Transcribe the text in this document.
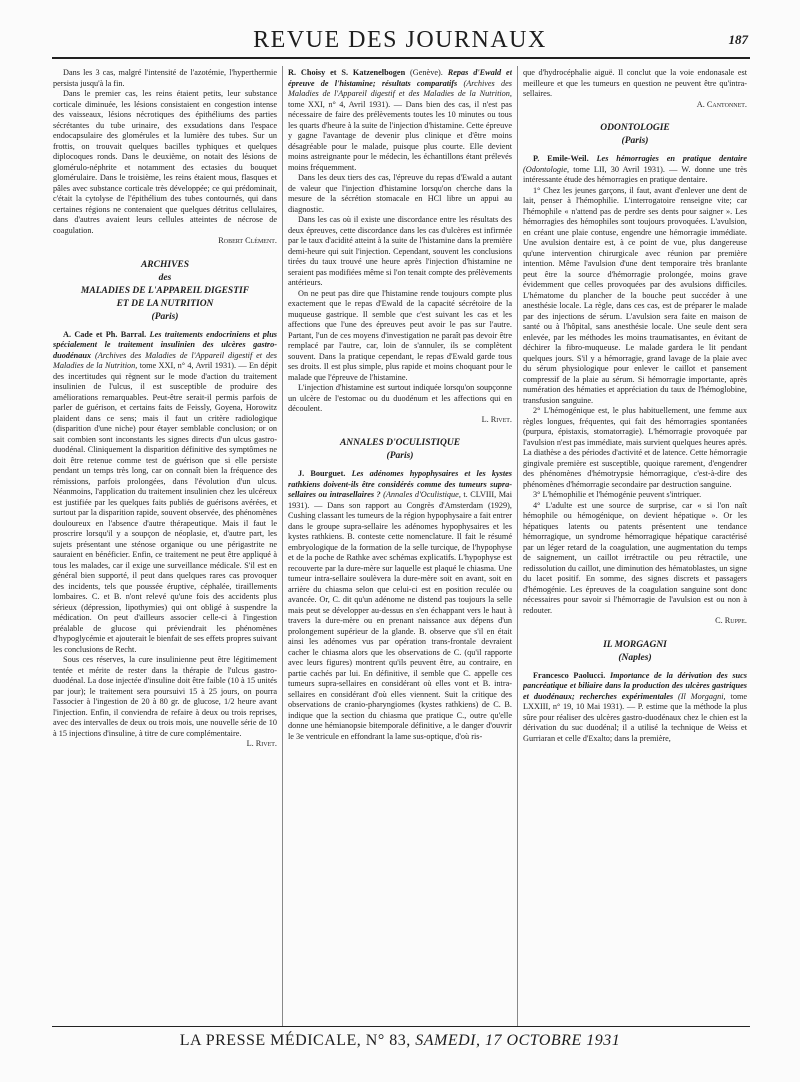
REVUE DES JOURNAUX	187

Dans les 3 cas, malgré l'intensité de l'azotémie, l'hyperthermie persista jusqu'à la fin.

Dans le premier cas, les reins étaient petits, leur substance corticale diminuée, les lésions consistaient en congestion intense des vaisseaux, lésions nécrotiques des épithéliums des parties sécrétantes du tube urinaire, des exsudations dans l'espace endocapsulaire des glomérules et la lumière des tubes. Sur un frottis, on trouvait quelques bacilles typhiques et quelques diplocoques ronds. Dans le deuxième, on notait des lésions de glomérulo-néphrite et notamment des ectasies du bouquet glomérulaire. Dans le troisième, les reins étaient mous, flasques et pâles avec substance corticale très développée; ce qui prédominait, c'était la cytolyse de l'épithélium des tubes contournés, qui dans certaines régions ne contenaient que quelques détritus cellulaires, dans d'autres avaient leurs cellules atteintes de nécrose de coagulation.

Robert Clément.

ARCHIVES
des
MALADIES DE L'APPAREIL DIGESTIF
ET DE LA NUTRITION
(Paris)

A. Cade et Ph. Barral. Les traitements endocriniens et plus spécialement le traitement insulinien des ulcères gastro-duodénaux (Archives des Maladies de l'Appareil digestif et des Maladies de la Nutrition, tome XXI, n° 4, Avril 1931). — En dépit des incertitudes qui règnent sur le mode d'action du traitement insulinien de l'ulcus, il est susceptible de produire des améliorations remarquables. Peut-être serait-il permis parfois de parler de guérison, et certains faits de Feissly, Goyena, Horowitz plaident dans ce sens; mais il faut un critère radiologique (disparition d'une niche) pour étayer semblable conclusion; or on sait combien sont inconstants les signes directs d'un ulcus gastro-duodénal. Cliniquement la disparition définitive des symptômes ne doit être retenue comme test de guérison que si elle persiste pendant un temps très long, car on connaît bien la fréquence des rémissions, parfois prolongées, dans l'évolution d'un ulcus. Néanmoins, l'application du traitement insulinien chez les ulcéreux est justifiée par les quelques faits publiés de guérisons avérées, et surtout par la disparition rapide, souvent observée, des phénomènes douloureux en l'absence d'autre thérapeutique. Mais il faut le proscrire lorsqu'il y a soupçon de néoplasie, et, d'autre part, les sujets présentant une sténose organique ou une périgastrite ne sauraient en bénéficier. Enfin, ce traitement ne peut être appliqué à tous les malades, car il exige une surveillance médicale. S'il est en général bien supporté, il peut dans quelques rares cas provoquer des incidents, tels que poussée éruptive, céphalée, tiraillements lombaires. C. et B. n'ont relevé qu'une fois des accidents plus sérieux (dépression, lipothymies) qui ont obligé à suspendre la médication. On peut d'ailleurs associer celle-ci à l'ingestion préalable de glucose qui préviendrait les phénomènes d'hypoglycémie et ajouterait le bienfait de ses effets propres suivant les conclusions de Recht.

Sous ces réserves, la cure insulinienne peut être légitimement tentée et mérite de rester dans la thérapie de l'ulcus gastro-duodénal. La dose injectée d'insuline doit être faible (10 à 15 unités par jour); le traitement sera poursuivi 15 à 25 jours, on pourra l'associer à l'ingestion de 20 à 80 gr. de glucose, 1/2 heure avant l'injection. Enfin, il conviendra de refaire à deux ou trois reprises, avec des intervalles de deux ou trois mois, une nouvelle série de 10 à 15 injections d'insuline, à titre de cure complémentaire.

L. Rivet.

R. Choisy et S. Katzenelbogen (Genève). Repas d'Ewald et épreuve de l'histamine; résultats comparatifs (Archives des Maladies de l'Appareil digestif et des Maladies de la Nutrition, tome XXI, n° 4, Avril 1931). — Dans bien des cas, il n'est pas nécessaire de faire des prélèvements toutes les 10 minutes ou tous les quarts d'heure à la suite de l'injection d'histamine. Cette épreuve y gagne l'avantage de devenir plus clinique et d'être moins désagréable pour le malade, puisque plus courte. Elle devient moins astreignante pour le médecin, les échantillons étant prélevés moins fréquemment.

Dans les deux tiers des cas, l'épreuve du repas d'Ewald a autant de valeur que l'injection d'histamine lorsqu'on cherche dans la mesure de la sécrétion stomacale en HCl libre un appui au diagnostic.

Dans les cas où il existe une discordance entre les résultats des deux épreuves, cette discordance dans les cas d'ulcères est infirmée par le taux d'acidité atteint à la suite de l'histamine dans la première demi-heure qui suit l'injection. Cependant, souvent les conclusions tirées du taux trouvé une heure après l'injection d'histamine ne seraient pas modifiées même si l'on tenait compte des prélèvements antérieurs.

On ne peut pas dire que l'histamine rende toujours compte plus exactement que le repas d'Ewald de la capacité sécrétoire de la muqueuse gastrique. Il semble que c'est suivant les cas et les affections que l'une des épreuves peut avoir le pas sur l'autre. Partant, l'un de ces moyens d'investigation ne paraît pas devoir être remplacé par l'autre, car, loin de s'annuler, ils se complètent souvent. Dans la pratique cependant, le repas d'Ewald garde tous ses droits. Il est plus simple, plus rapide et moins choquant pour le malade que l'épreuve de l'histamine.

L'injection d'histamine est surtout indiquée lorsqu'on soupçonne un ulcère de l'estomac ou du duodénum et les affections qui en découlent.

L. Rivet.

ANNALES D'OCULISTIQUE
(Paris)

J. Bourguet. Les adénomes hypophysaires et les kystes rathkiens doivent-ils être considérés comme des tumeurs supra-sellaires ou intrasellaires ? (Annales d'Oculistique, t. CLVIII, Mai 1931). — Dans son rapport au Congrès d'Amsterdam (1929), Cushing classant les tumeurs de la région hypophysaire a fait entrer dans le groupe supra-sellaire les adénomes hypophysaires et les kystes rathkiens. B. conteste cette nomenclature. Il fait le résumé embryologique de la formation de la selle turcique, de l'hypophyse et de la poche de Rathke avec schémas explicatifs. L'hypophyse est recouverte par la dure-mère sur laquelle est plaqué le chiasma. Une tumeur intra-sellaire soulèvera la dure-mère soit en avant, soit en arrière du chiasma selon que celui-ci est en position reculée ou avancée. Or, C. dit qu'un adénome ne distend pas toujours la selle mais peut se développer au-dessus en s'en échappant vers le haut à travers la dure-mère ou en prenant naissance aux dépens d'un prolongement supérieur de la glande. B. observe que s'il en était ainsi les adénomes vus par opération trans-frontale devraient cacher le chiasma alors que les observations de C. (qu'il rapporte avec leurs figures) montrent qu'ils peuvent être, au contraire, en partie cachés par lui. En définitive, il semble que C. appelle ces tumeurs supra-sellaires en considérant où elles vont et B. intra-sellaires en considérant d'où elles viennent. Suit la critique des observations de cranio-pharyngiomes (kystes rathkiens) de C. B. indique que la section du chiasma que pratique C., outre qu'elle donne une hémianopsie bitemporale définitive, a le danger d'ouvrir le 3e ventricule en effondrant la lame sus-optique, d'où ris-

que d'hydrocéphalie aiguë. Il conclut que la voie endonasale est meilleure et que les tumeurs en question ne peuvent être qu'intra-sellaires.

A. Cantonnet.

ODONTOLOGIE
(Paris)

P. Emile-Weil. Les hémorragies en pratique dentaire (Odontologie, tome LII, 30 Avril 1931). — W. donne une très intéressante étude des hémorragies en pratique dentaire.

1° Chez les jeunes garçons, il faut, avant d'enlever une dent de lait, penser à l'hémophilie. L'interrogatoire renseigne vite; car l'hémophile « n'attend pas de perdre ses dents pour saigner ». Les hémorragies des hémophiles sont toujours provoquées. L'avulsion, en créant une plaie contuse, engendre une hémorragie immédiate. Une avulsion dentaire est, à ce point de vue, plus dangereuse qu'une intervention chirurgicale avec réunion par première intention. Même l'avulsion d'une dent temporaire très branlante peut être la source d'hémorragie prolongée, moins grave évidemment que celles provoquées par des avulsions difficiles. L'hématome du plancher de la bouche peut succéder à une anesthésie locale. La règle, dans ces cas, est de préparer le malade par des injections de sérum. L'avulsion sera faite en maison de santé ou à l'hôpital, sans anesthésie locale. Une seule dent sera enlevée, par les méthodes les moins traumatisantes, en évitant de déchirer la fibro-muqueuse. Le malade gardera le lit pendant quelques jours. S'il y a hémorragie, grand lavage de la plaie avec du sérum physiologique pour enlever le caillot et pansement compressif de la plaie au sérum. Si hémorragie importante, après numération des hématies et appréciation du taux de l'hémoglobine, transfusion sanguine.

2° L'hémogénique est, le plus habituellement, une femme aux règles longues, fréquentes, qui fait des hémorragies spontanées (purpura, épistaxis, stomatorragie). L'hémorragie provoquée par l'avulsion n'est pas immédiate, mais survient quelques heures après. La diathèse a des périodes d'activité et de latence. Cette hémorragie gingivale première est susceptible, quoique rarement, d'engendrer des phénomènes d'hémotrypsie hémorragique, c'est-à-dire des phénomènes d'hémorragie secondaire par destruction sanguine.

3° L'hémophilie et l'hémogénie peuvent s'intriquer.

4° L'adulte est une source de surprise, car « si l'on naît hémophile ou hémogénique, on devient hépatique ». Or les hépatiques latents ou patents présentent une tendance hémorragique, un syndrome hémorragique hépatique caractérisé par un léger retard de la coagulation, une augmentation du temps de saignement, un caillot irrétractile ou peu rétractile, une redissolution du caillot, une diminution des hématoblastes, un signe du lacet positif. En somme, des signes discrets et passagers d'hémogénie. Les épreuves de la coagulation sanguine sont donc nécessaires pour savoir si l'hémorragie de l'avulsion est ou non à redouter.

C. Ruppe.

IL MORGAGNI
(Naples)

Francesco Paolucci. Importance de la dérivation des sucs pancréatique et biliaire dans la production des ulcères gastriques et duodénaux; recherches expérimentales (Il Morgagni, tome LXXIII, n° 19, 10 Mai 1931). — P. estime que la méthode la plus sûre pour réaliser des ulcères gastro-duodénaux chez le chien est la dérivation du suc duodénal; il a utilisé la technique de Weiss et Gurriaran et celle d'Exalto; dans la première,

LA PRESSE MÉDICALE, N° 83, SAMEDI, 17 OCTOBRE 1931
